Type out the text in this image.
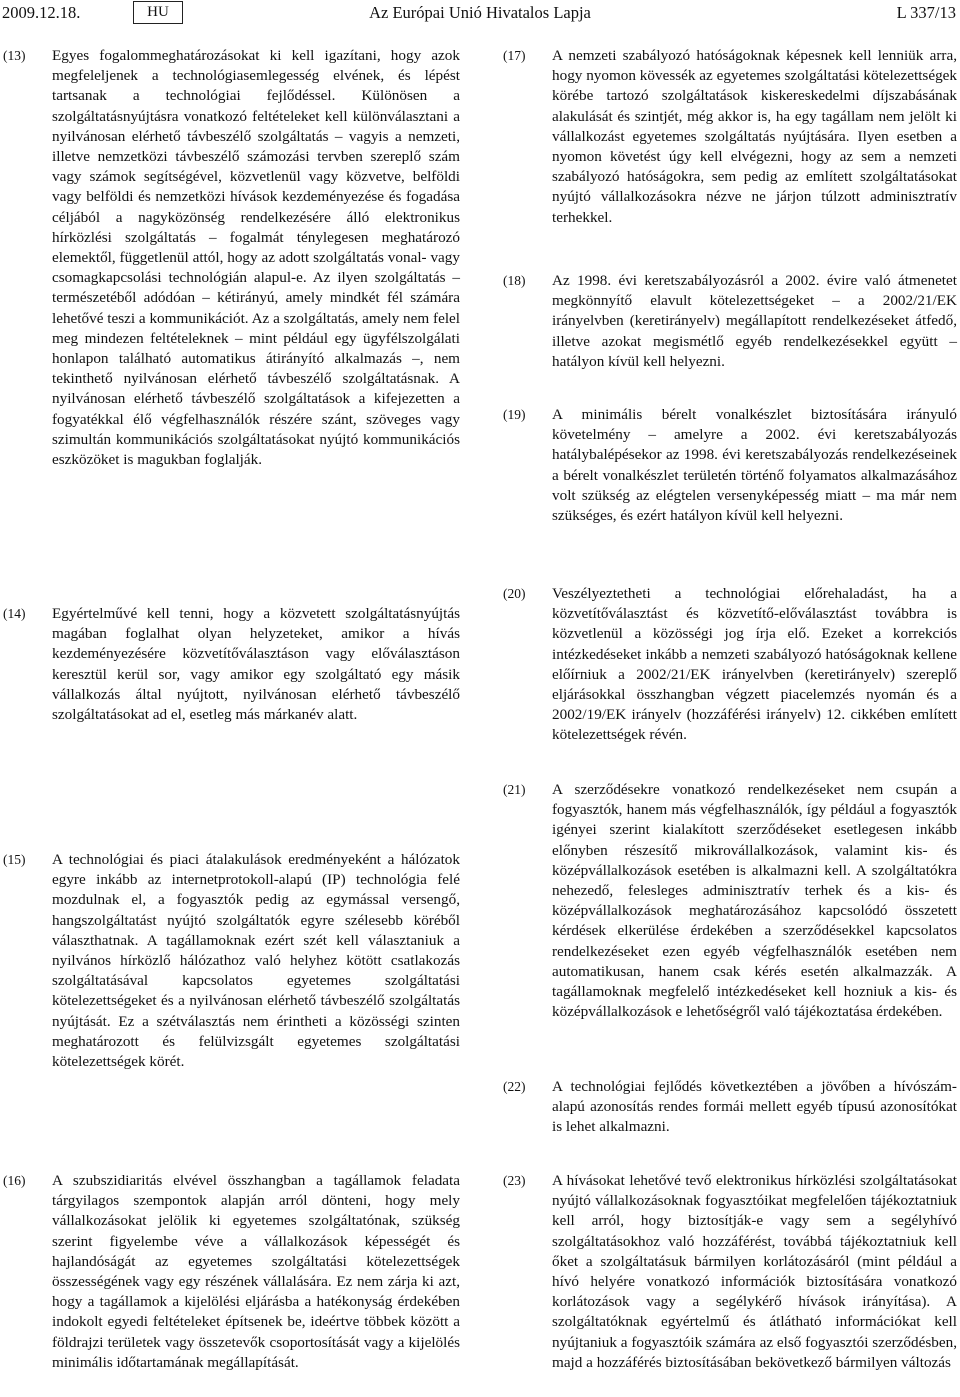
2009.12.18.	HU	Az Európai Unió Hivatalos Lapja	L 337/13
(13)	Egyes fogalommeghatározásokat ki kell igazítani, hogy azok megfeleljenek a technológiasemlegesség elvének, és lépést tartsanak a technológiai fejlődéssel. Különösen a szolgáltatásnyújtásra vonatkozó feltételeket kell különválasztani a nyilvánosan elérhető távbeszélő szolgáltatás – vagyis a nemzeti, illetve nemzetközi távbeszélő számozási tervben szereplő szám vagy számok segítségével, közvetlenül vagy közvetve, belföldi vagy belföldi és nemzetközi hívások kezdeményezése és fogadása céljából a nagyközönség rendelkezésére álló elektronikus hírközlési szolgáltatás – fogalmát ténylegesen meghatározó elemektől, függetlenül attól, hogy az adott szolgáltatás vonal- vagy csomagkapcsolási technológián alapul-e. Az ilyen szolgáltatás – természetéből adódóan – kétirányú, amely mindkét fél számára lehetővé teszi a kommunikációt. Az a szolgáltatás, amely nem felel meg mindezen feltételeknek – mint például egy ügyfélszolgálati honlapon található automatikus átirányító alkalmazás –, nem tekinthető nyilvánosan elérhető távbeszélő szolgáltatásnak. A nyilvánosan elérhető távbeszélő szolgáltatások a kifejezetten a fogyatékkal élő végfelhasználók részére szánt, szöveges vagy szimultán kommunikációs szolgáltatásokat nyújtó kommunikációs eszközöket is magukban foglalják.
(14)	Egyértelművé kell tenni, hogy a közvetett szolgáltatásnyújtás magában foglalhat olyan helyzeteket, amikor a hívás kezdeményezésére közvetítőválasztáson vagy előválasztáson keresztül kerül sor, vagy amikor egy szolgáltató egy másik vállalkozás által nyújtott, nyilvánosan elérhető távbeszélő szolgáltatásokat ad el, esetleg más márkanév alatt.
(15)	A technológiai és piaci átalakulások eredményeként a hálózatok egyre inkább az internetprotokoll-alapú (IP) technológia felé mozdulnak el, a fogyasztók pedig az egymással versengő, hangszolgáltatást nyújtó szolgáltatók egyre szélesebb köréből választhatnak. A tagállamoknak ezért szét kell választaniuk a nyilvános hírközlő hálózathoz való helyhez kötött csatlakozás szolgáltatásával kapcsolatos egyetemes szolgáltatási kötelezettségeket és a nyilvánosan elérhető távbeszélő szolgáltatás nyújtását. Ez a szétválasztás nem érintheti a közösségi szinten meghatározott és felülvizsgált egyetemes szolgáltatási kötelezettségek körét.
(16)	A szubszidiaritás elvével összhangban a tagállamok feladata tárgyilagos szempontok alapján arról dönteni, hogy mely vállalkozásokat jelölik ki egyetemes szolgáltatónak, szükség szerint figyelembe véve a vállalkozások képességét és hajlandóságát az egyetemes szolgáltatási kötelezettségek összességének vagy egy részének vállalására. Ez nem zárja ki azt, hogy a tagállamok a kijelölési eljárásba a hatékonyság érdekében indokolt egyedi feltételeket építsenek be, ideértve többek között a földrajzi területek vagy összetevők csoportosítását vagy a kijelölés minimális időtartamának megállapítását.
(17)	A nemzeti szabályozó hatóságoknak képesnek kell lenniük arra, hogy nyomon kövessék az egyetemes szolgáltatási kötelezettségek körébe tartozó szolgáltatások kiskereskedelmi díjszabásának alakulását és szintjét, még akkor is, ha egy tagállam nem jelölt ki vállalkozást egyetemes szolgáltatás nyújtására. Ilyen esetben a nyomon követést úgy kell elvégezni, hogy az sem a nemzeti szabályozó hatóságokra, sem pedig az említett szolgáltatásokat nyújtó vállalkozásokra nézve ne járjon túlzott adminisztratív terhekkel.
(18)	Az 1998. évi keretszabályozásról a 2002. évire való átmenetet megkönnyítő elavult kötelezettségeket – a 2002/21/EK irányelvben (keretirányelv) megállapított rendelkezéseket átfedő, illetve azokat megismétlő egyéb rendelkezésekkel együtt – hatályon kívül kell helyezni.
(19)	A minimális bérelt vonalkészlet biztosítására irányuló követelmény – amelyre a 2002. évi keretszabályozás hatálybalépésekor az 1998. évi keretszabályozás rendelkezéseinek a bérelt vonalkészlet területén történő folyamatos alkalmazásához volt szükség az elégtelen versenyképesség miatt – ma már nem szükséges, és ezért hatályon kívül kell helyezni.
(20)	Veszélyeztetheti a technológiai előrehaladást, ha a közvetítőválasztást és közvetítő-előválasztást továbbra is közvetlenül a közösségi jog írja elő. Ezeket a korrekciós intézkedéseket inkább a nemzeti szabályozó hatóságoknak kellene előírniuk a 2002/21/EK irányelvben (keretirányelv) szereplő eljárásokkal összhangban végzett piacelemzés nyomán és a 2002/19/EK irányelv (hozzáférési irányelv) 12. cikkében említett kötelezettségek révén.
(21)	A szerződésekre vonatkozó rendelkezéseket nem csupán a fogyasztók, hanem más végfelhasználók, így például a fogyasztók igényei szerint kialakított szerződéseket esetlegesen inkább előnyben részesítő mikrovállalkozások, valamint kis- és középvállalkozások esetében is alkalmazni kell. A szolgáltatókra nehezedő, felesleges adminisztratív terhek és a kis- és középvállalkozások meghatározásához kapcsolódó összetett kérdések elkerülése érdekében a szerződésekkel kapcsolatos rendelkezéseket ezen egyéb végfelhasználók esetében nem automatikusan, hanem csak kérés esetén alkalmazzák. A tagállamoknak megfelelő intézkedéseket kell hozniuk a kis- és középvállalkozások e lehetőségről való tájékoztatása érdekében.
(22)	A technológiai fejlődés következtében a jövőben a hívószám-alapú azonosítás rendes formái mellett egyéb típusú azonosítókat is lehet alkalmazni.
(23)	A hívásokat lehetővé tevő elektronikus hírközlési szolgáltatásokat nyújtó vállalkozásoknak fogyasztóikat megfelelően tájékoztatniuk kell arról, hogy biztosítják-e vagy sem a segélyhívó szolgáltatásokhoz való hozzáférést, továbbá tájékoztatniuk kell őket a szolgáltatásuk bármilyen korlátozásáról (mint például a hívó helyére vonatkozó információk biztosítására vonatkozó korlátozások vagy a segélykérő hívások irányítása). A szolgáltatóknak egyértelmű és átlátható információkat kell nyújtaniuk a fogyasztóik számára az első fogyasztói szerződésben, majd a hozzáférés biztosításában bekövetkező bármilyen változás
